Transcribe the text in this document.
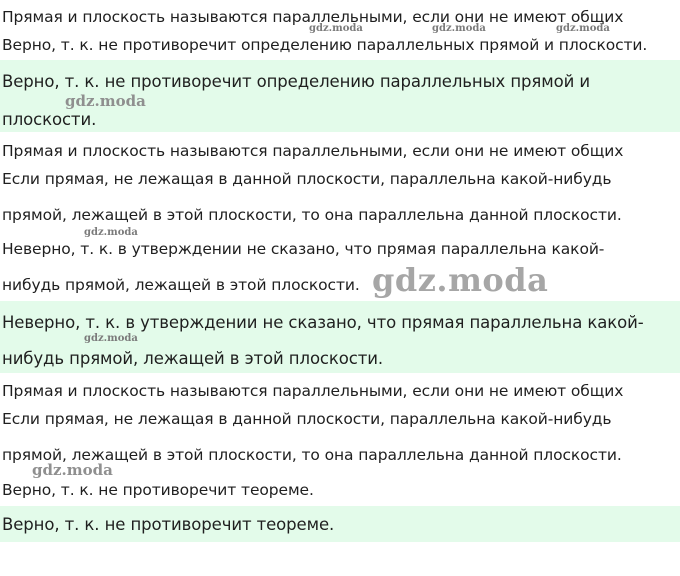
Прямая и плоскость называются параллельными, если они не имеют общих

Верно, т. к. не противоречит определению параллельных прямой и плоскости.

Верно, т. к. не противоречит определению параллельных прямой и

плоскости.

Прямая и плоскость называются параллельными, если они не имеют общих

Если прямая, не лежащая в данной плоскости, параллельна какой-нибудь

прямой, лежащей в этой плоскости, то она параллельна данной плоскости.

Неверно, т. к. в утверждении не сказано, что прямая параллельна какой-

нибудь прямой, лежащей в этой плоскости.

Неверно, т. к. в утверждении не сказано, что прямая параллельна какой-

нибудь прямой, лежащей в этой плоскости.

Прямая и плоскость называются параллельными, если они не имеют общих

Если прямая, не лежащая в данной плоскости, параллельна какой-нибудь

прямой, лежащей в этой плоскости, то она параллельна данной плоскости.

Верно, т. к. не противоречит теореме.

Верно, т. к. не противоречит теореме.

gdz.moda	gdz.moda	gdz.moda
gdz.moda
gdz.moda
gdz.moda
gdz.moda
gdz.moda
